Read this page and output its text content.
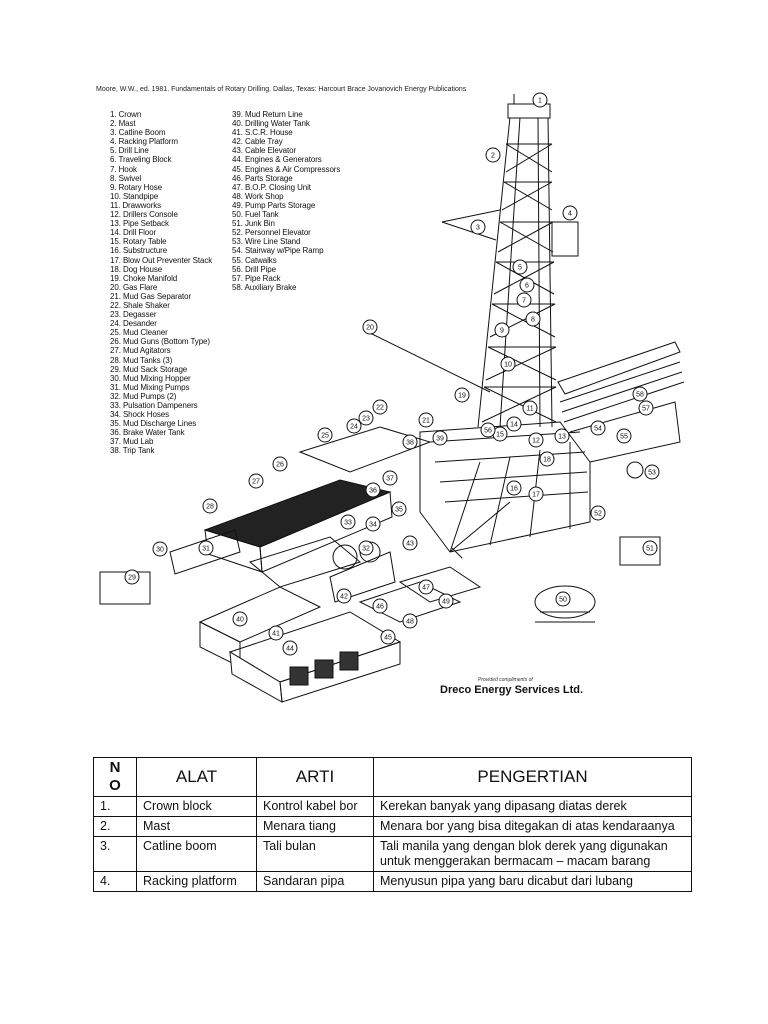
Moore, W.W., ed. 1981. Fundamentals of Rotary Drilling. Dallas, Texas: Harcourt Brace Jovanovich Energy Publications
1. Crown
2. Mast
3. Catline Boom
4. Racking Platform
5. Drill Line
6. Traveling Block
7. Hook
8. Swivel
9. Rotary Hose
10. Standpipe
11. Drawworks
12. Drillers Console
13. Pipe Setback
14. Drill Floor
15. Rotary Table
16. Substructure
17. Blow Out Preventer Stack
18. Dog House
19. Choke Manifold
20. Gas Flare
21. Mud Gas Separator
22. Shale Shaker
23. Degasser
24. Desander
25. Mud Cleaner
26. Mud Guns (Bottom Type)
27. Mud Agitators
28. Mud Tanks (3)
29. Mud Sack Storage
30. Mud Mixing Hopper
31. Mud Mixing Pumps
32. Mud Pumps (2)
33. Pulsation Dampeners
34. Shock Hoses
35. Mud Discharge Lines
36. Brake Water Tank
37. Mud Lab
38. Trip Tank
39. Mud Return Line
40. Drilling Water Tank
41. S.C.R. House
42. Cable Tray
43. Cable Elevator
44. Engines & Generators
45. Engines & Air Compressors
46. Parts Storage
47. B.O.P. Closing Unit
48. Work Shop
49. Pump Parts Storage
50. Fuel Tank
51. Junk Bin
52. Personnel Elevator
53. Wire Line Stand
54. Stairway w/Pipe Ramp
55. Catwalks
56. Drill Pipe
57. Pipe Rack
58. Auxiliary Brake
1
2
3
4
5
6
7
8
9
10
11
12
13
14
15
16
17
18
19
20
21
22
23
24
25
26
27
28
29
30	31	32
33 34
35
36
37
38
39
40
41
42
43
44
45
46
47
48
49	50
51
52
53
54
55
56
57
58
Provided compliments of
Dreco Energy Services Ltd.
N
O	ALAT	ARTI	PENGERTIAN
1.	Crown block	Kontrol kabel bor	Kerekan banyak yang dipasang diatas derek
2.	Mast	Menara tiang	Menara bor yang bisa ditegakan di atas kendaraanya
3.	Catline boom	Tali bulan	Tali manila yang dengan blok derek yang digunakan untuk menggerakan bermacam – macam barang
4.	Racking platform	Sandaran pipa	Menyusun pipa yang baru dicabut dari lubang
